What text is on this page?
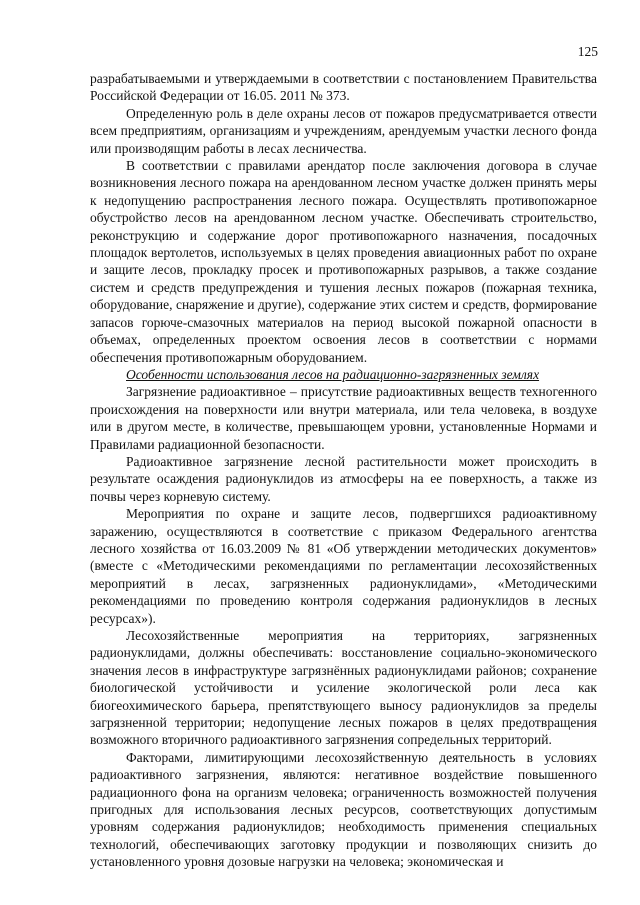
125

разрабатываемыми и утверждаемыми в соответствии с постановлением Правительства Российской Федерации от 16.05. 2011 № 373.

Определенную роль в деле охраны лесов от пожаров предусматривается отвести всем предприятиям, организациям и учреждениям, арендуемым участки лесного фонда или производящим работы в лесах лесничества.

В соответствии с правилами арендатор после заключения договора в случае возникновения лесного пожара на арендованном лесном участке должен принять меры к недопущению распространения лесного пожара. Осуществлять противопожарное обустройство лесов на арендованном лесном участке. Обеспечивать строительство, реконструкцию и содержание дорог противопожарного назначения, посадочных площадок вертолетов, используемых в целях проведения авиационных работ по охране и защите лесов, прокладку просек и противопожарных разрывов, а также создание систем и средств предупреждения и тушения лесных пожаров (пожарная техника, оборудование, снаряжение и другие), содержание этих систем и средств, формирование запасов горюче-смазочных материалов на период высокой пожарной опасности в объемах, определенных проектом освоения лесов в соответствии с нормами обеспечения противопожарным оборудованием.

Особенности использования лесов на радиационно-загрязненных землях

Загрязнение радиоактивное – присутствие радиоактивных веществ техногенного происхождения на поверхности или внутри материала, или тела человека, в воздухе или в другом месте, в количестве, превышающем уровни, установленные Нормами и Правилами радиационной безопасности.

Радиоактивное загрязнение лесной растительности может происходить в результате осаждения радионуклидов из атмосферы на ее поверхность, а также из почвы через корневую систему.

Мероприятия по охране и защите лесов, подвергшихся радиоактивному заражению, осуществляются в соответствие с приказом Федерального агентства лесного хозяйства от 16.03.2009 № 81 «Об утверждении методических документов» (вместе с «Методическими рекомендациями по регламентации лесохозяйственных мероприятий в лесах, загрязненных радионуклидами», «Методическими рекомендациями по проведению контроля содержания радионуклидов в лесных ресурсах»).

Лесохозяйственные мероприятия на территориях, загрязненных радионуклидами, должны обеспечивать: восстановление социально-экономического значения лесов в инфраструктуре загрязнённых радионуклидами районов; сохранение биологической устойчивости и усиление экологической роли леса как биогеохимического барьера, препятствующего выносу радионуклидов за пределы загрязненной территории; недопущение лесных пожаров в целях предотвращения возможного вторичного радиоактивного загрязнения сопредельных территорий.

Факторами, лимитирующими лесохозяйственную деятельность в условиях радиоактивного загрязнения, являются: негативное воздействие повышенного радиационного фона на организм человека; ограниченность возможностей получения пригодных для использования лесных ресурсов, соответствующих допустимым уровням содержания радионуклидов; необходимость применения специальных технологий, обеспечивающих заготовку продукции и позволяющих снизить до установленного уровня дозовые нагрузки на человека; экономическая и
